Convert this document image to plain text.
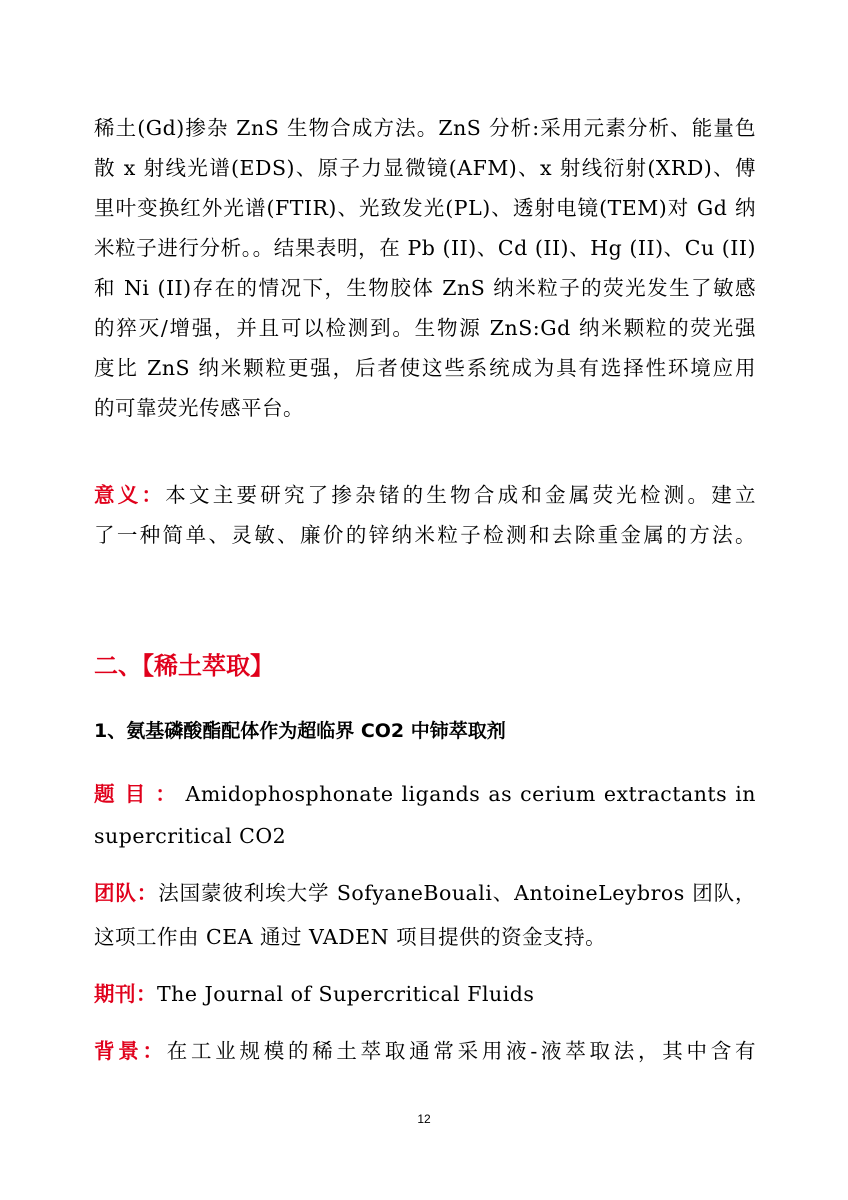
稀土(Gd)掺杂 ZnS 生物合成方法。ZnS 分析:采用元素分析、能量色
散 x 射线光谱(EDS)、原子力显微镜(AFM)、x 射线衍射(XRD)、傅
里叶变换红外光谱(FTIR)、光致发光(PL)、透射电镜(TEM)对 Gd 纳
米粒子进行分析。。结果表明，在 Pb (II)、Cd (II)、Hg (II)、Cu (II)
和 Ni (II)存在的情况下，生物胶体 ZnS 纳米粒子的荧光发生了敏感
的猝灭/增强，并且可以检测到。生物源 ZnS:Gd 纳米颗粒的荧光强
度比 ZnS 纳米颗粒更强，后者使这些系统成为具有选择性环境应用
的可靠荧光传感平台。
意义：本文主要研究了掺杂锗的生物合成和金属荧光检测。建立
了一种简单、灵敏、廉价的锌纳米粒子检测和去除重金属的方法。
二、【稀土萃取】
1、氨基磷酸酯配体作为超临界 CO2 中铈萃取剂
题 目 ： Amidophosphonate ligands as cerium extractants in
supercritical CO2
团队：法国蒙彼利埃大学 SofyaneBouali、AntoineLeybros 团队，
这项工作由 CEA 通过 VADEN 项目提供的资金支持。
期刊：The Journal of Supercritical Fluids
背景：在工业规模的稀土萃取通常采用液-液萃取法，其中含有
12
